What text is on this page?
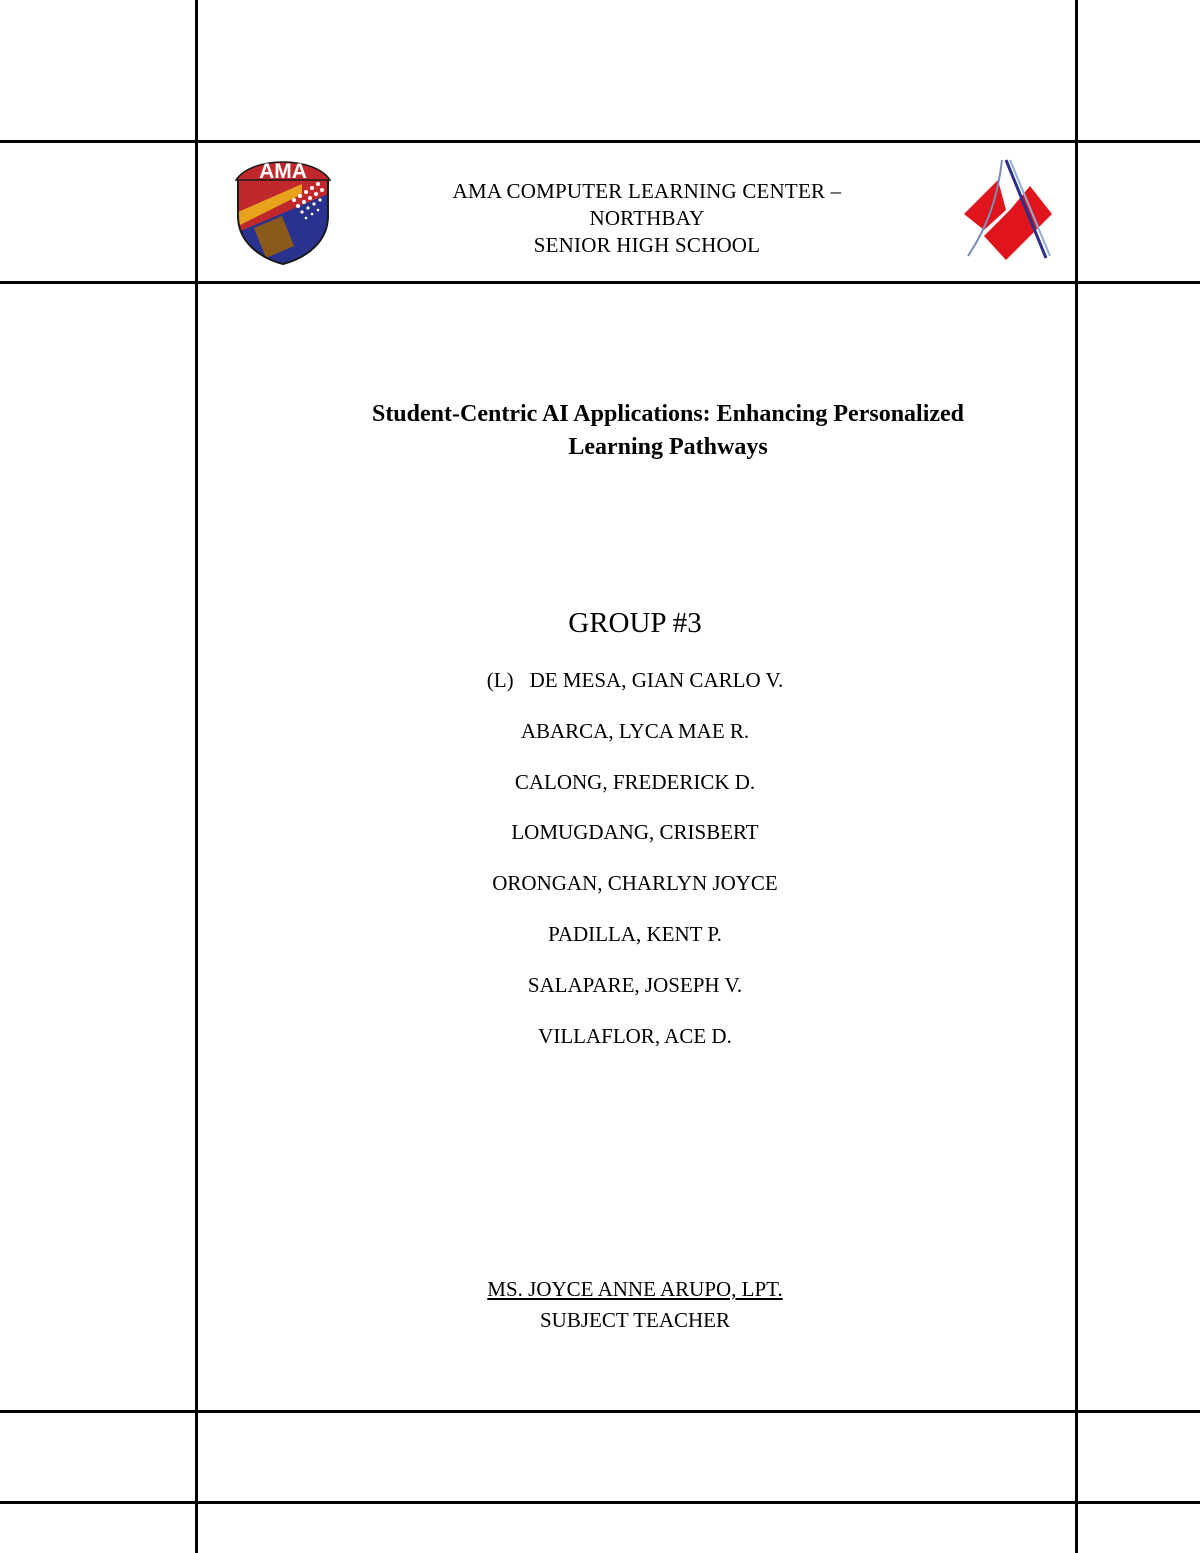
AMA
AMA COMPUTER LEARNING CENTER –
NORTHBAY
SENIOR HIGH SCHOOL
Student-Centric AI Applications: Enhancing Personalized
Learning Pathways
GROUP #3
(L) DE MESA, GIAN CARLO V.
ABARCA, LYCA MAE R.
CALONG, FREDERICK D.
LOMUGDANG, CRISBERT
ORONGAN, CHARLYN JOYCE
PADILLA, KENT P.
SALAPARE, JOSEPH V.
VILLAFLOR, ACE D.
MS. JOYCE ANNE ARUPO, LPT.
SUBJECT TEACHER
